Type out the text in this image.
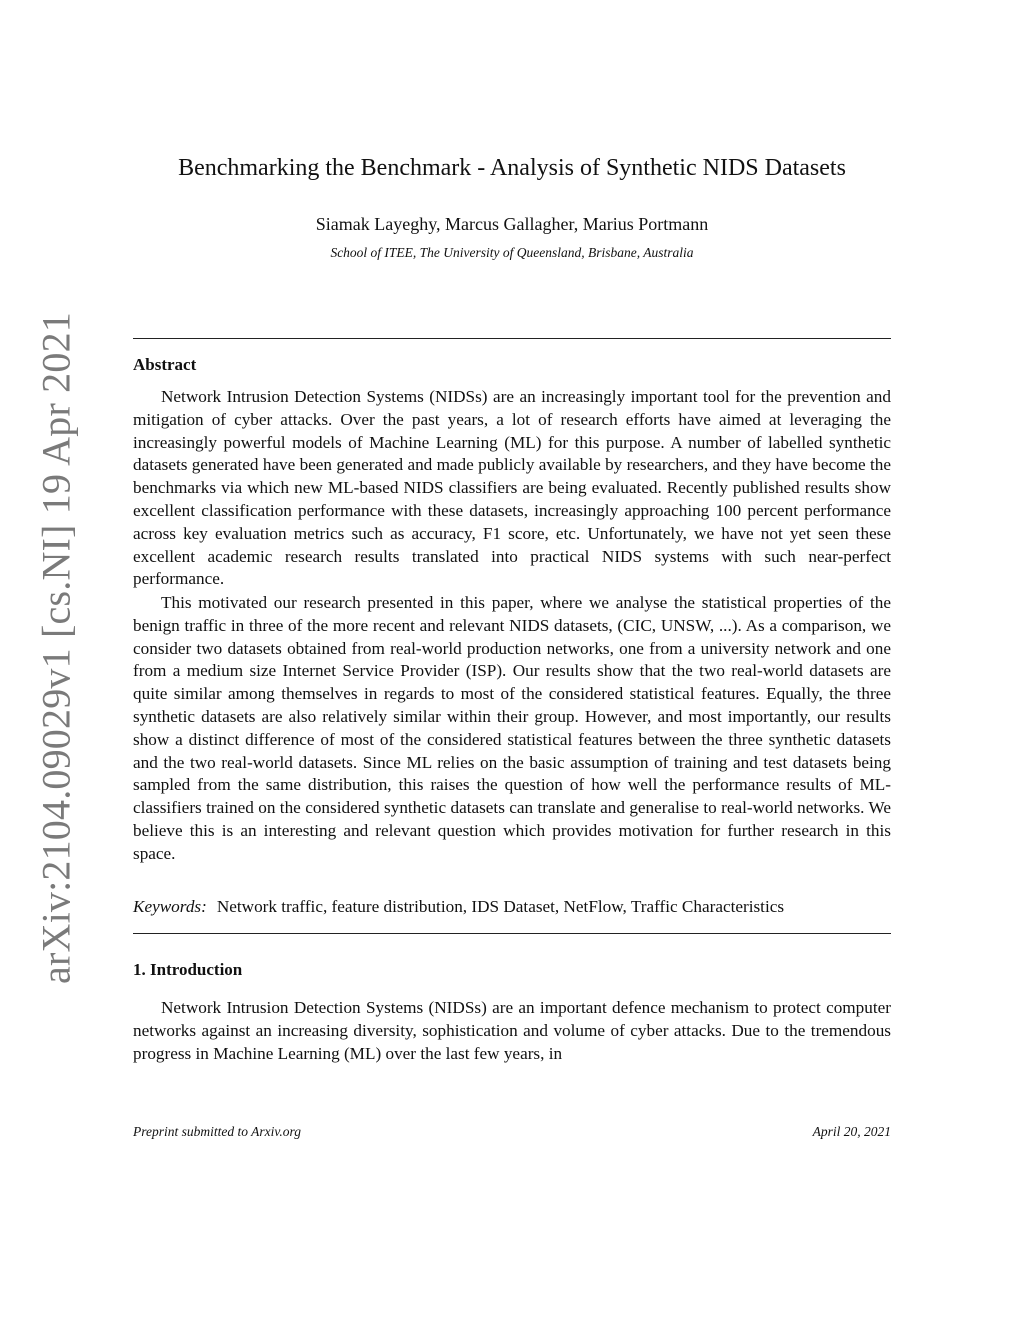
arXiv:2104.09029v1 [cs.NI] 19 Apr 2021
Benchmarking the Benchmark - Analysis of Synthetic NIDS Datasets
Siamak Layeghy, Marcus Gallagher, Marius Portmann
School of ITEE, The University of Queensland, Brisbane, Australia
Abstract

Network Intrusion Detection Systems (NIDSs) are an increasingly important tool for the prevention and mitigation of cyber attacks. Over the past years, a lot of research efforts have aimed at leveraging the increasingly powerful models of Machine Learning (ML) for this purpose. A number of labelled synthetic datasets generated have been generated and made publicly available by researchers, and they have become the benchmarks via which new ML-based NIDS classifiers are being evaluated. Recently published results show excellent classification performance with these datasets, increasingly approaching 100 percent performance across key evaluation metrics such as accuracy, F1 score, etc. Unfortunately, we have not yet seen these excellent academic research results translated into practical NIDS systems with such near-perfect performance.

This motivated our research presented in this paper, where we analyse the statistical properties of the benign traffic in three of the more recent and relevant NIDS datasets, (CIC, UNSW, ...). As a comparison, we consider two datasets obtained from real-world production networks, one from a university network and one from a medium size Internet Service Provider (ISP). Our results show that the two real-world datasets are quite similar among themselves in regards to most of the considered statistical features. Equally, the three synthetic datasets are also relatively similar within their group. However, and most importantly, our results show a distinct difference of most of the considered statistical features between the three synthetic datasets and the two real-world datasets. Since ML relies on the basic assumption of training and test datasets being sampled from the same distribution, this raises the question of how well the performance results of ML-classifiers trained on the considered synthetic datasets can translate and generalise to real-world networks. We believe this is an interesting and relevant question which provides motivation for further research in this space.

Keywords: Network traffic, feature distribution, IDS Dataset, NetFlow, Traffic Characteristics
1. Introduction

Network Intrusion Detection Systems (NIDSs) are an important defence mechanism to protect computer networks against an increasing diversity, sophistication and volume of cyber attacks. Due to the tremendous progress in Machine Learning (ML) over the last few years, in

Preprint submitted to Arxiv.org	April 20, 2021
